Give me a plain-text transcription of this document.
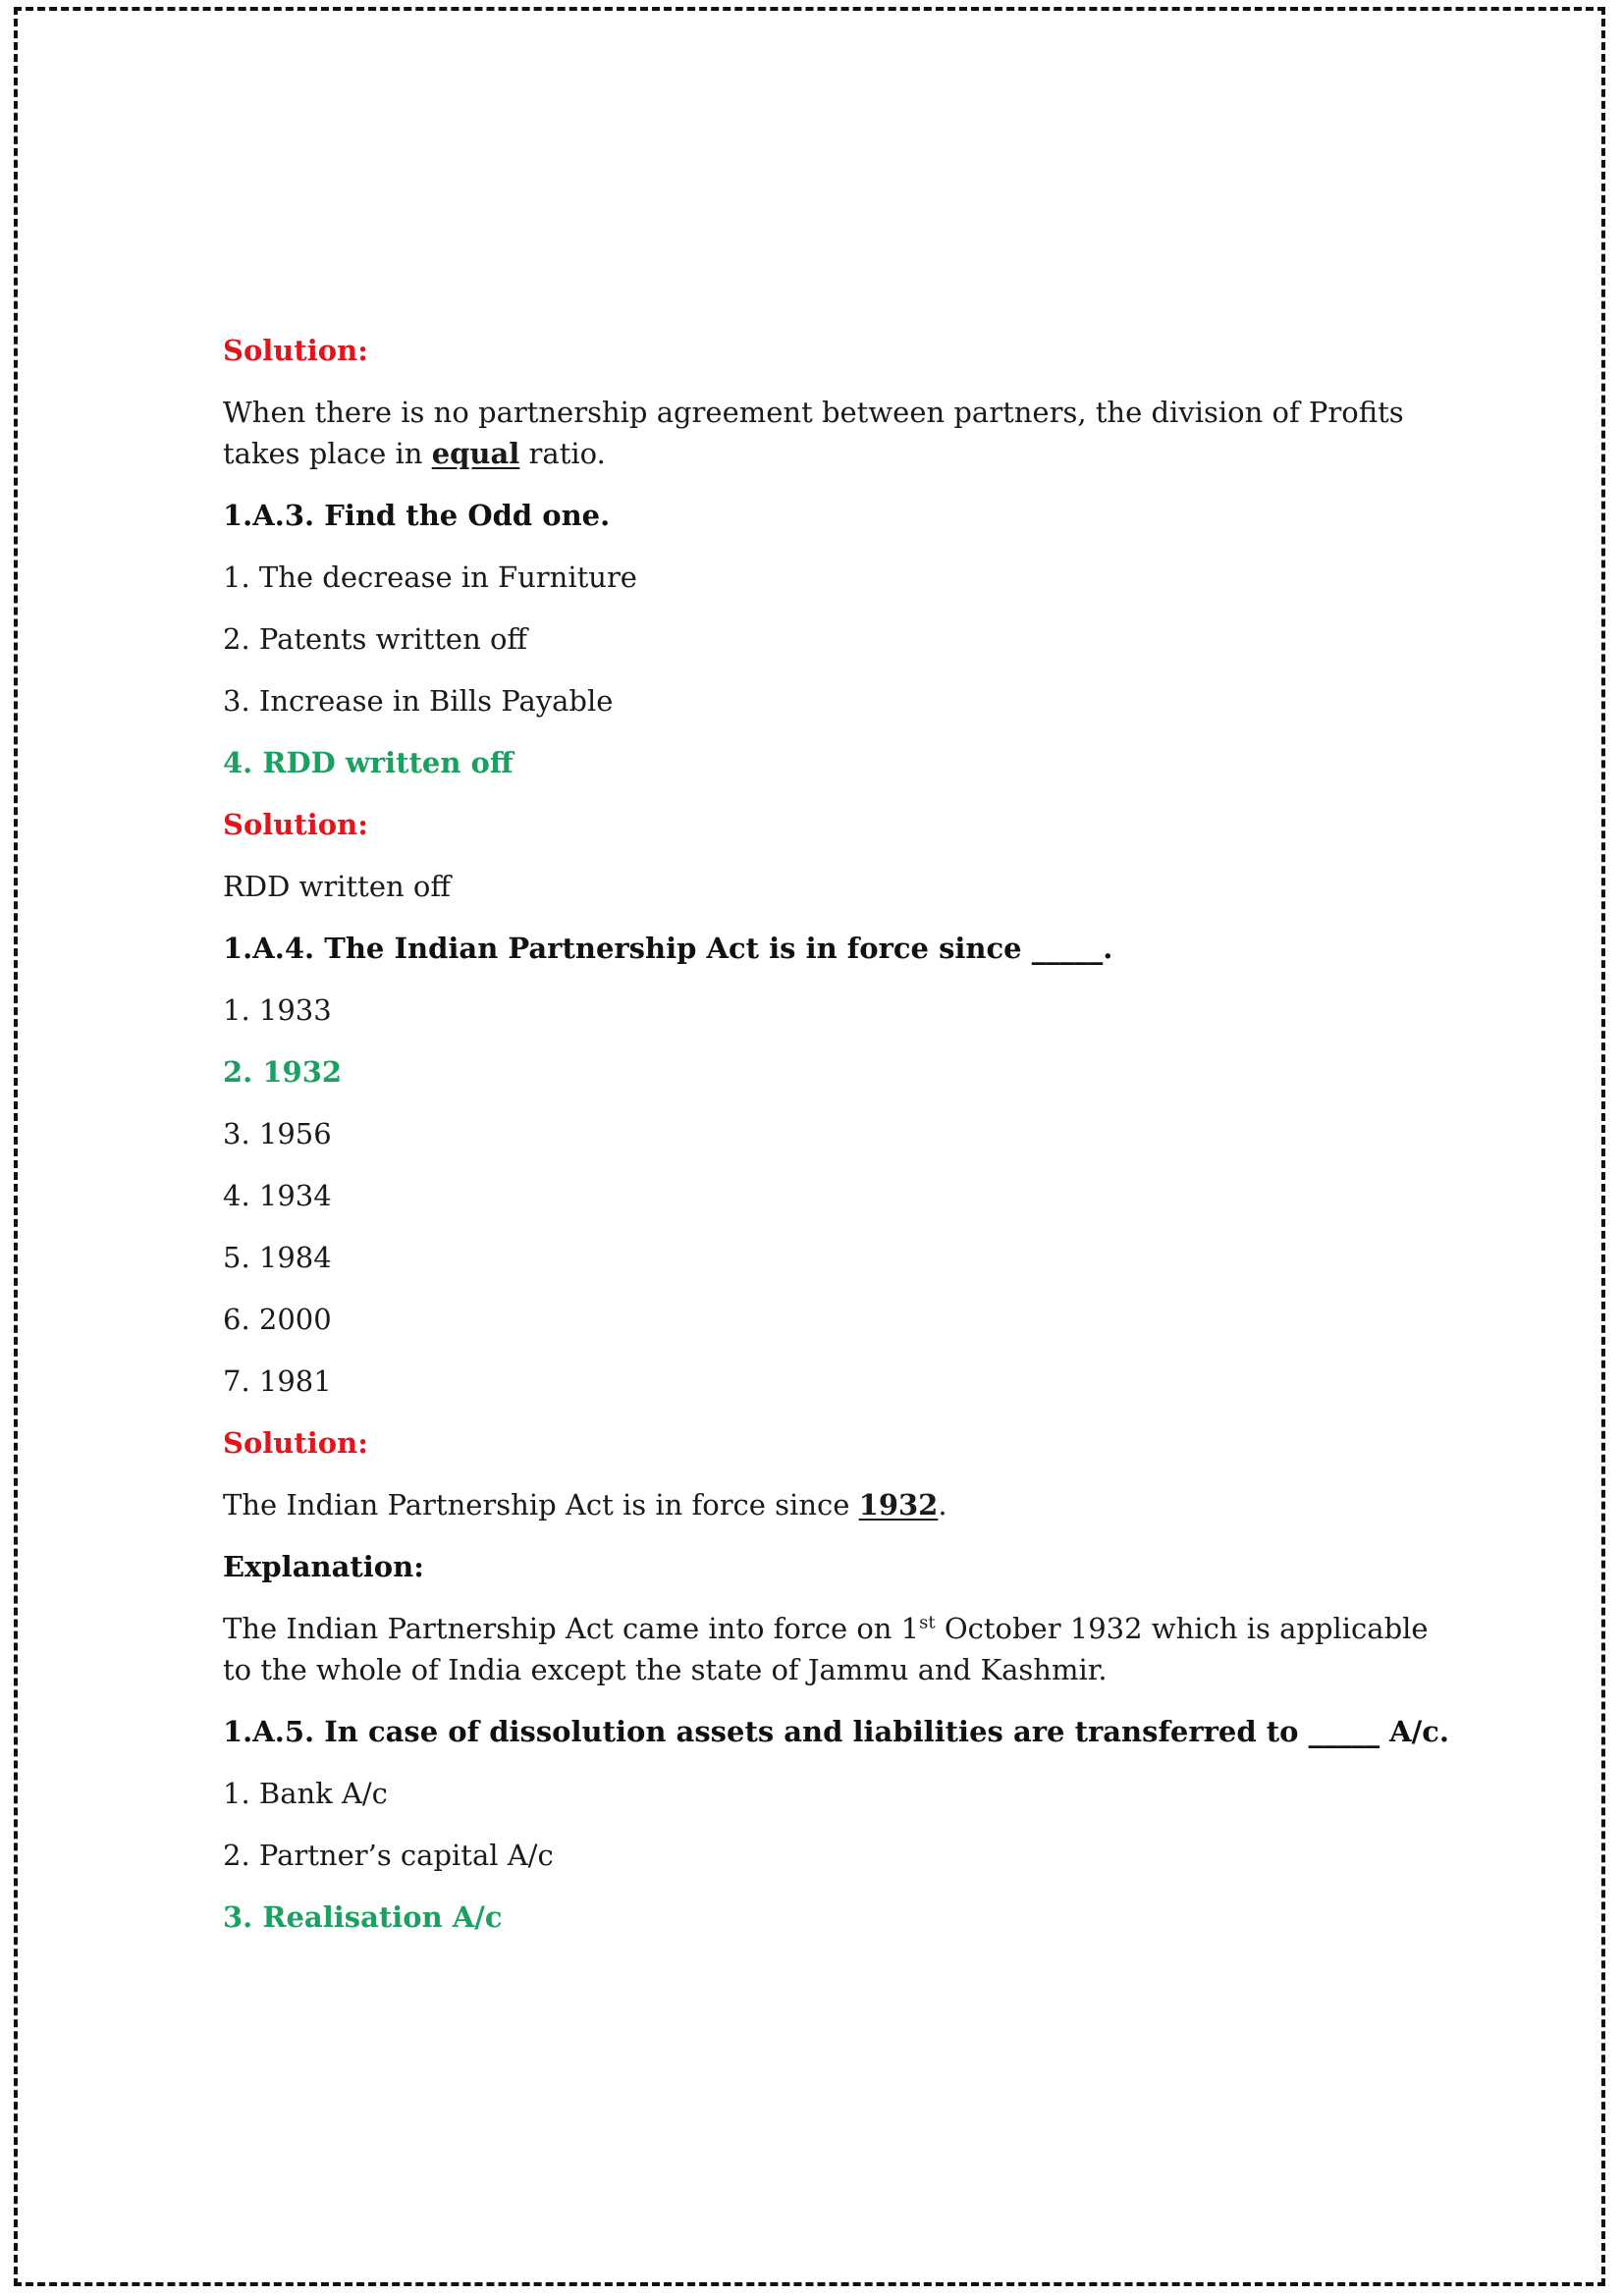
Solution:
When there is no partnership agreement between partners, the division of Profits
takes place in equal ratio.
1.A.3. Find the Odd one.
1. The decrease in Furniture
2. Patents written off
3. Increase in Bills Payable
4. RDD written off
Solution:
RDD written off
1.A.4. The Indian Partnership Act is in force since _____.
1. 1933
2. 1932
3. 1956
4. 1934
5. 1984
6. 2000
7. 1981
Solution:
The Indian Partnership Act is in force since 1932.
Explanation:
The Indian Partnership Act came into force on 1st October 1932 which is applicable
to the whole of India except the state of Jammu and Kashmir.
1.A.5. In case of dissolution assets and liabilities are transferred to _____ A/c.
1. Bank A/c
2. Partner’s capital A/c
3. Realisation A/c
